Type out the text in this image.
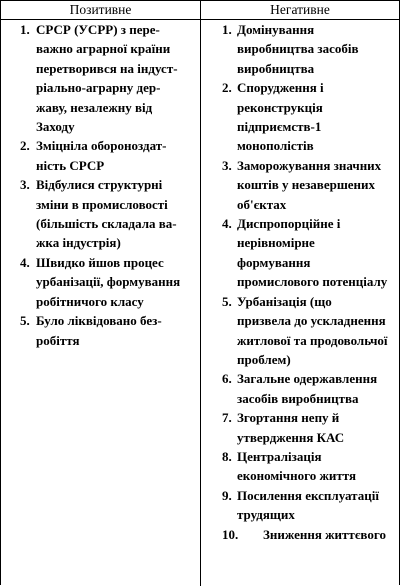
Позитивне	Негативне
1. СРСР (УСРР) з пере-
важно аграрної країни
перетворився на індуст-
ріально-аграрну дер-
жаву, незалежну від
Заходу
2. Зміцніла обороноздат-
ність СРСР
3. Відбулися структурні
зміни в промисловості
(більшість складала ва-
жка індустрія)
4. Швидко йшов процес
урбанізації, формування
робітничого класу
5. Було ліквідовано без-
робіття
1. Домінування
виробництва засобів
виробництва
2. Спорудження і
реконструкція
підприємств-1
монополістів
3. Заморожування значних
коштів у незавершених
об'єктах
4. Диспропорційне і
нерівномірне
формування
промислового потенціалу
5. Урбанізація (що
призвела до ускладнення
житлової та продовольчої
проблем)
6. Загальне одержавлення
засобів виробництва
7. Згортання непу й
утвердження КАС
8. Централізація
економічного життя
9. Посилення експлуатації
трудящих
10.	Зниження життєвого
